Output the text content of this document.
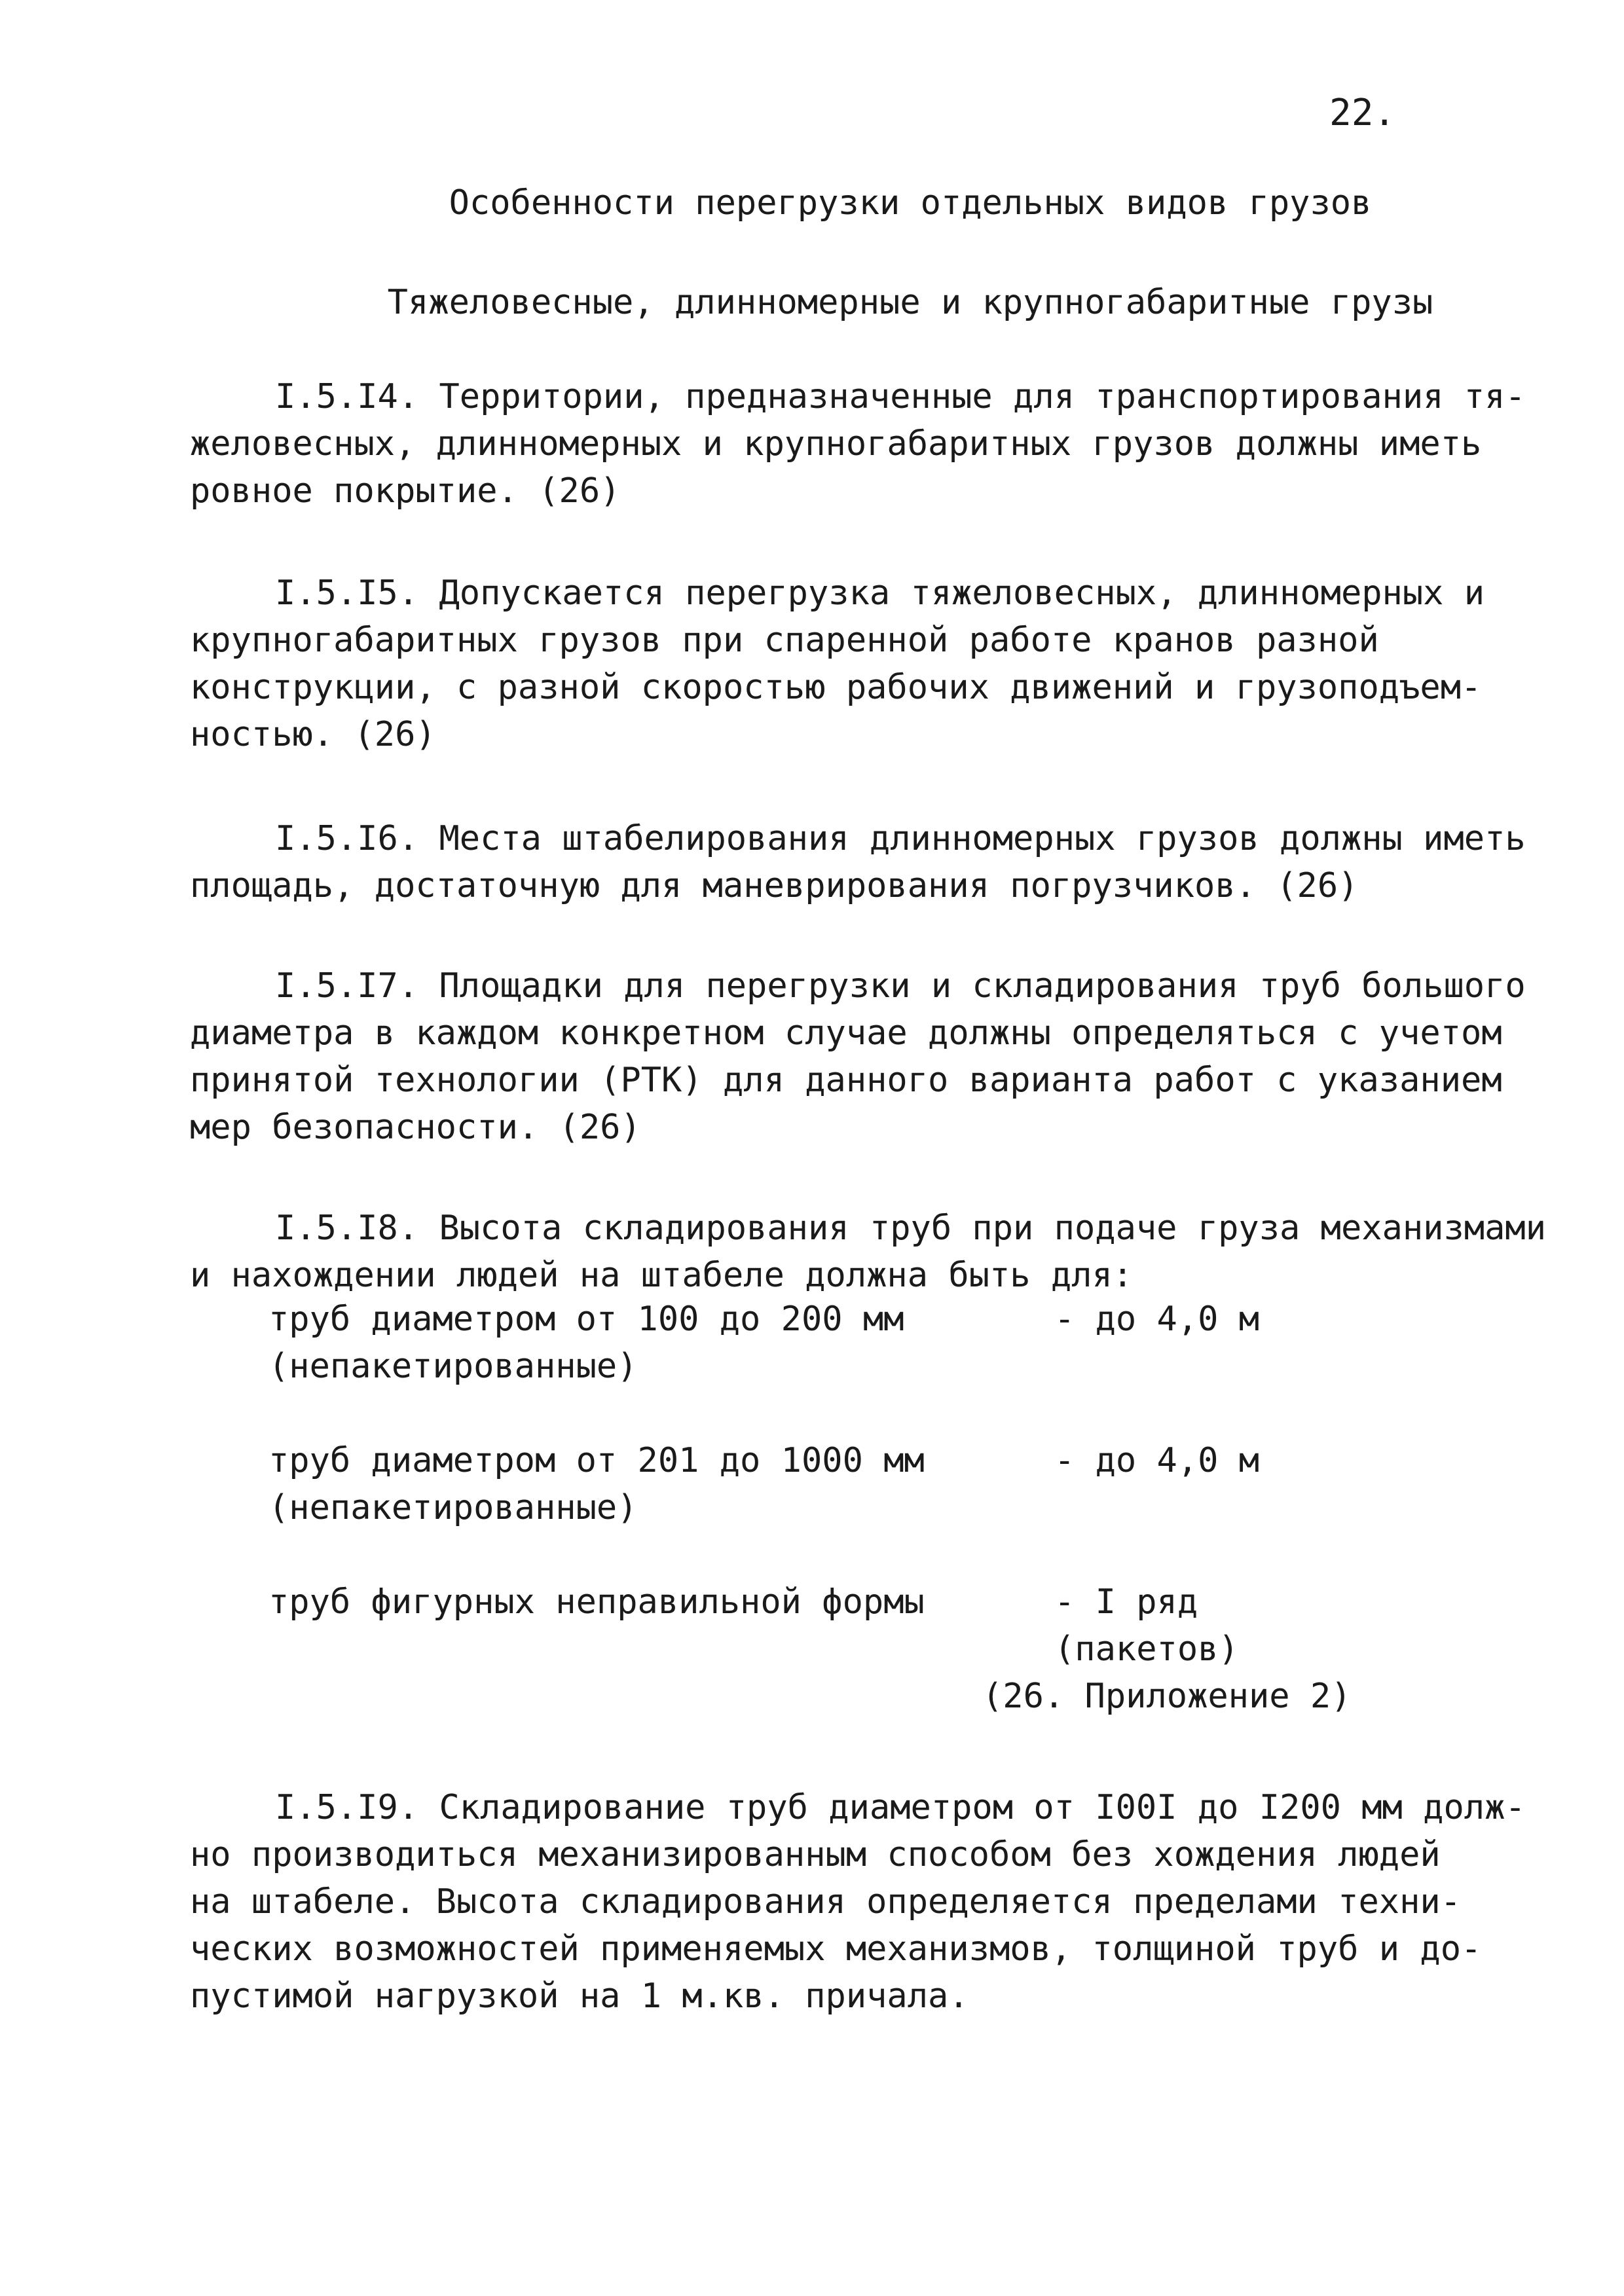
22.
Особенности перегрузки отдельных видов грузов
Тяжеловесные, длинномерные и крупногабаритные грузы
I.5.I4. Территории, предназначенные для транспортирования тя-
желовесных, длинномерных и крупногабаритных грузов должны иметь
ровное покрытие. (26)
I.5.I5. Допускается перегрузка тяжеловесных, длинномерных и
крупногабаритных грузов при спаренной работе кранов разной
конструкции, с разной скоростью рабочих движений и грузоподъем-
ностью. (26)
I.5.I6. Места штабелирования длинномерных грузов должны иметь
площадь, достаточную для маневрирования погрузчиков. (26)
I.5.I7. Площадки для перегрузки и складирования труб большого
диаметра в каждом конкретном случае должны определяться с учетом
принятой технологии (РТК) для данного варианта работ с указанием
мер безопасности. (26)
I.5.I8. Высота складирования труб при подаче груза механизмами
и нахождении людей на штабеле должна быть для:
труб диаметром от 100 до 200 мм	- до 4,0 м
(непакетированные)
труб диаметром от 201 до 1000 мм	- до 4,0 м
(непакетированные)
труб фигурных неправильной формы	- I ряд
(пакетов)
(26. Приложение 2)
I.5.I9. Складирование труб диаметром от I00I до I200 мм долж-
но производиться механизированным способом без хождения людей
на штабеле. Высота складирования определяется пределами техни-
ческих возможностей применяемых механизмов, толщиной труб и до-
пустимой нагрузкой на 1 м.кв. причала.
